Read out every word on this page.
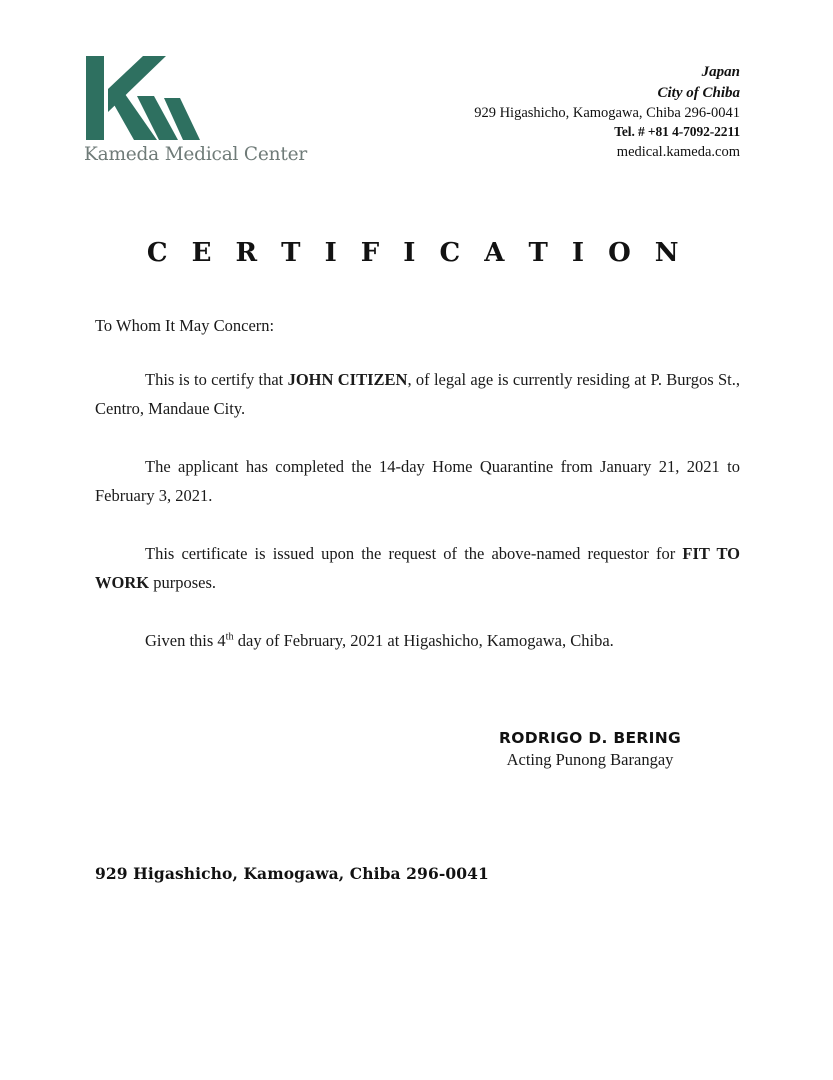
Kameda Medical Center
Japan
City of Chiba
929 Higashicho, Kamogawa, Chiba 296-0041
Tel. # +81 4-7092-2211
medical.kameda.com
C E R T I F I C A T I O N
To Whom It May Concern:

This is to certify that JOHN CITIZEN, of legal age is currently residing at P. Burgos St., Centro, Mandaue City.

The applicant has completed the 14-day Home Quarantine from January 21, 2021 to February 3, 2021.

This certificate is issued upon the request of the above-named requestor for FIT TO WORK purposes.

Given this 4th day of February, 2021 at Higashicho, Kamogawa, Chiba.

RODRIGO D. BERING
Acting Punong Barangay
929 Higashicho, Kamogawa, Chiba 296-0041
